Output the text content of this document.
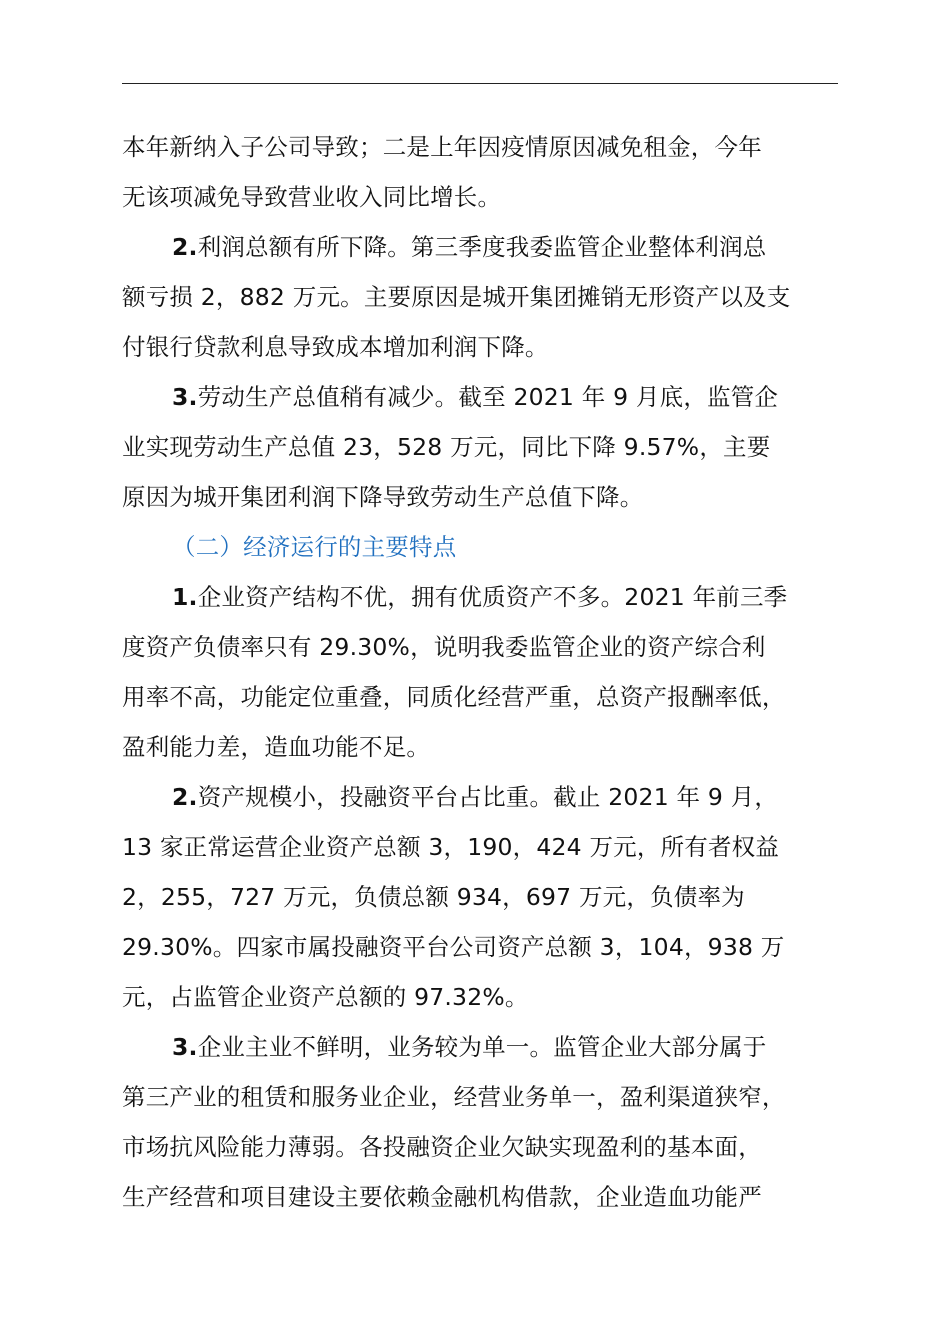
本年新纳入子公司导致；二是上年因疫情原因减免租金，今年
无该项减免导致营业收入同比增长。
2.利润总额有所下降。第三季度我委监管企业整体利润总
额亏损 2，882 万元。主要原因是城开集团摊销无形资产以及支
付银行贷款利息导致成本增加利润下降。
3.劳动生产总值稍有减少。截至 2021 年 9 月底，监管企
业实现劳动生产总值 23，528 万元，同比下降 9.57%，主要
原因为城开集团利润下降导致劳动生产总值下降。
（二）经济运行的主要特点
1.企业资产结构不优，拥有优质资产不多。2021 年前三季
度资产负债率只有 29.30%，说明我委监管企业的资产综合利
用率不高，功能定位重叠，同质化经营严重，总资产报酬率低，
盈利能力差，造血功能不足。
2.资产规模小，投融资平台占比重。截止 2021 年 9 月，
13 家正常运营企业资产总额 3，190，424 万元，所有者权益
2，255，727 万元，负债总额 934，697 万元，负债率为
29.30%。四家市属投融资平台公司资产总额 3，104，938 万
元，占监管企业资产总额的 97.32%。
3.企业主业不鲜明，业务较为单一。监管企业大部分属于
第三产业的租赁和服务业企业，经营业务单一，盈利渠道狭窄，
市场抗风险能力薄弱。各投融资企业欠缺实现盈利的基本面，
生产经营和项目建设主要依赖金融机构借款，企业造血功能严
